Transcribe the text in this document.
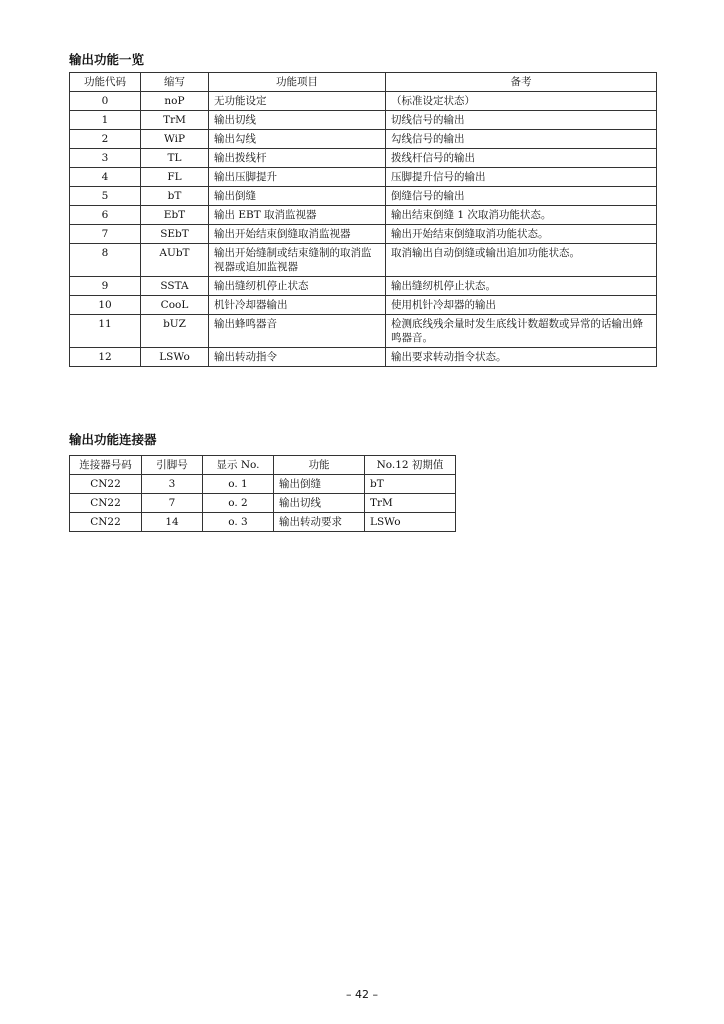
输出功能一览
功能代码	缩写	功能项目	备考
0	noP	无功能设定	（标准设定状态）
1	TrM	输出切线	切线信号的输出
2	WiP	输出勾线	勾线信号的输出
3	TL	输出拨线杆	拨线杆信号的输出
4	FL	输出压脚提升	压脚提升信号的输出
5	bT	输出倒缝	倒缝信号的输出
6	EbT	输出 EBT 取消监视器	输出结束倒缝 1 次取消功能状态。
7	SEbT	输出开始结束倒缝取消监视器	输出开始结束倒缝取消功能状态。
8	AUbT	输出开始缝制或结束缝制的取消监视器或追加监视器	取消输出自动倒缝或输出追加功能状态。
9	SSTA	输出缝纫机停止状态	输出缝纫机停止状态。
10	CooL	机针冷却器输出	使用机针冷却器的输出
11	bUZ	输出蜂鸣器音	检测底线残余量时发生底线计数超数或异常的话输出蜂鸣器音。
12	LSWo	输出转动指令	输出要求转动指令状态。
输出功能连接器
连接器号码	引脚号	显示 No.	功能	No.12 初期值
CN22	3	o. 1	输出倒缝	bT
CN22	7	o. 2	输出切线	TrM
CN22	14	o. 3	输出转动要求	LSWo
– 42 –
